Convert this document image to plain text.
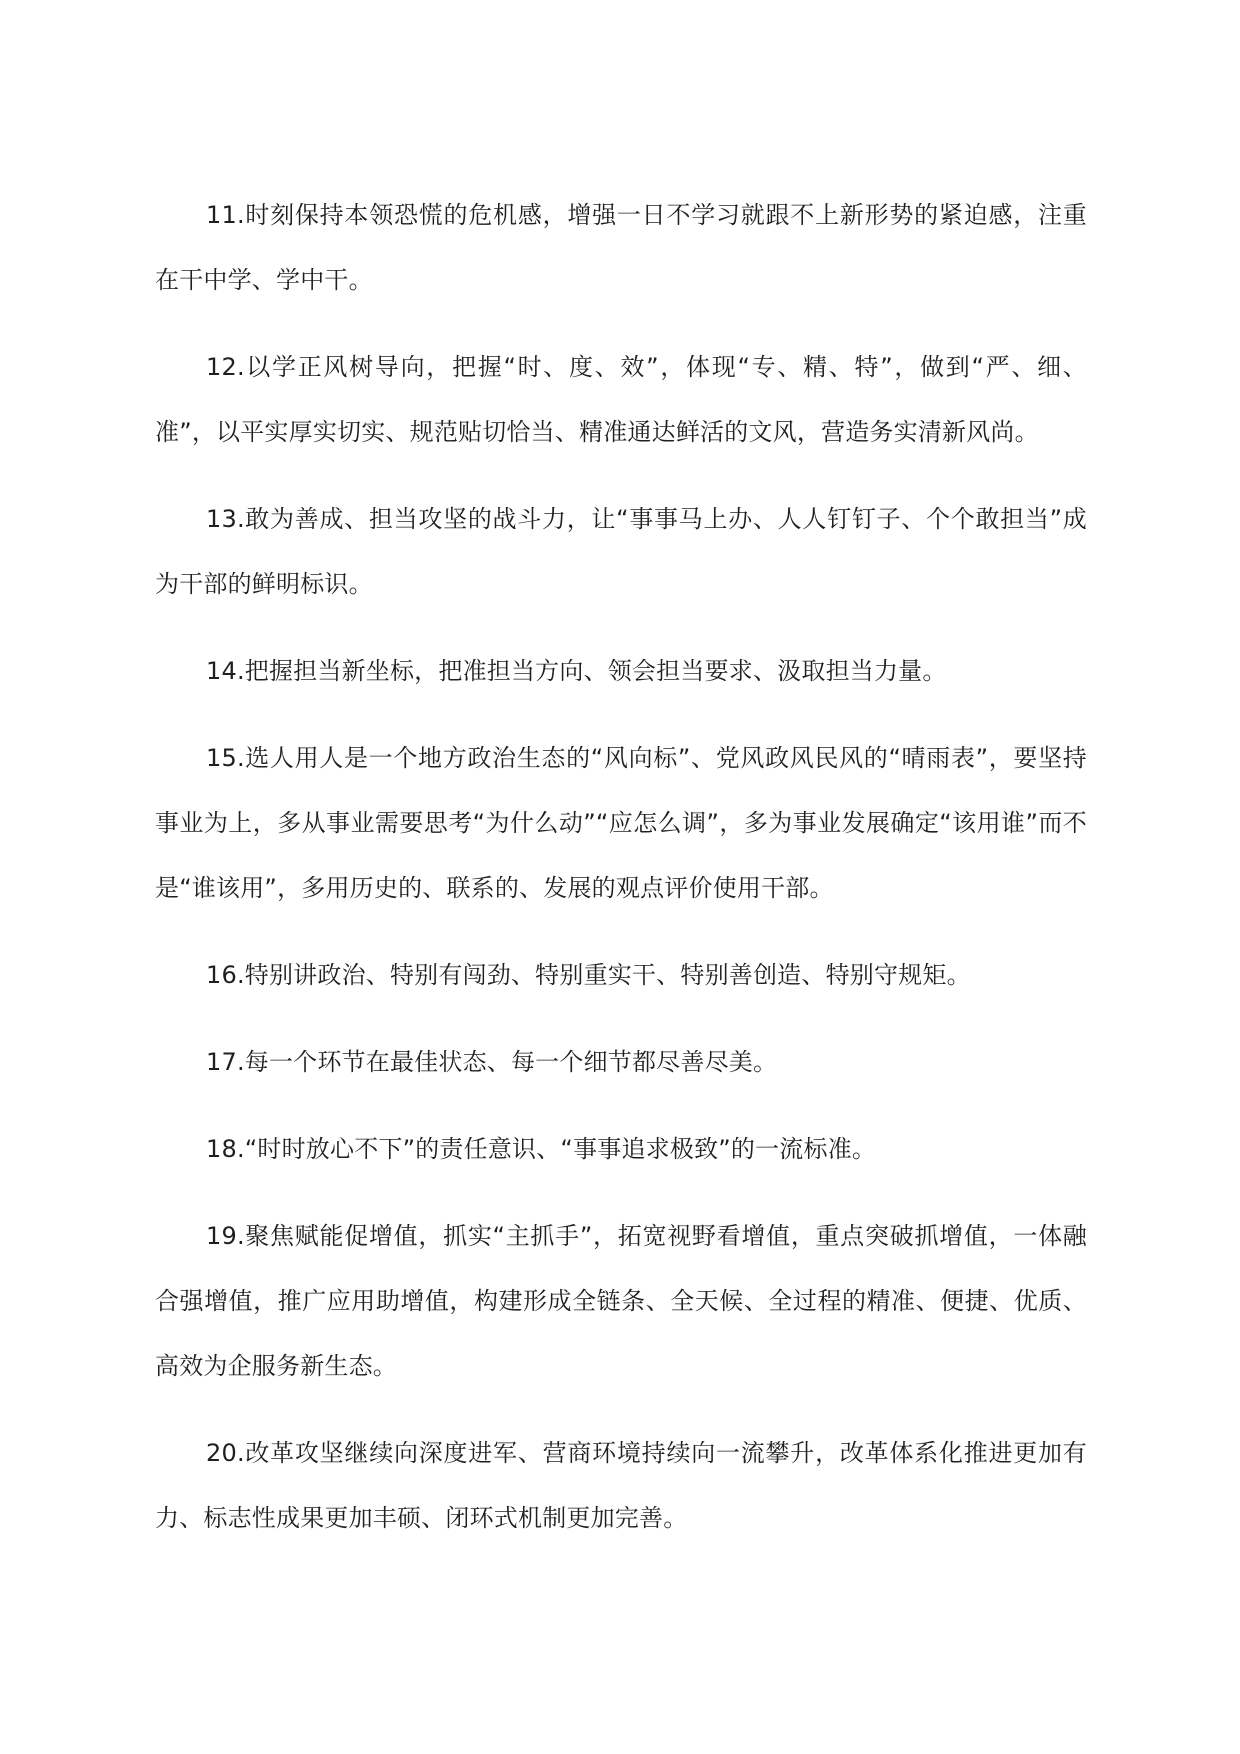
11.时刻保持本领恐慌的危机感，增强一日不学习就跟不上新形势的紧迫感，注重在干中学、学中干。

12.以学正风树导向，把握“时、度、效”，体现“专、精、特”，做到“严、细、准”，以平实厚实切实、规范贴切恰当、精准通达鲜活的文风，营造务实清新风尚。

13.敢为善成、担当攻坚的战斗力，让“事事马上办、人人钉钉子、个个敢担当”成为干部的鲜明标识。

14.把握担当新坐标，把准担当方向、领会担当要求、汲取担当力量。

15.选人用人是一个地方政治生态的“风向标”、党风政风民风的“晴雨表”，要坚持事业为上，多从事业需要思考“为什么动”“应怎么调”，多为事业发展确定“该用谁”而不是“谁该用”，多用历史的、联系的、发展的观点评价使用干部。

16.特别讲政治、特别有闯劲、特别重实干、特别善创造、特别守规矩。

17.每一个环节在最佳状态、每一个细节都尽善尽美。

18.“时时放心不下”的责任意识、“事事追求极致”的一流标准。

19.聚焦赋能促增值，抓实“主抓手”，拓宽视野看增值，重点突破抓增值，一体融合强增值，推广应用助增值，构建形成全链条、全天候、全过程的精准、便捷、优质、高效为企服务新生态。

20.改革攻坚继续向深度进军、营商环境持续向一流攀升，改革体系化推进更加有力、标志性成果更加丰硕、闭环式机制更加完善。
